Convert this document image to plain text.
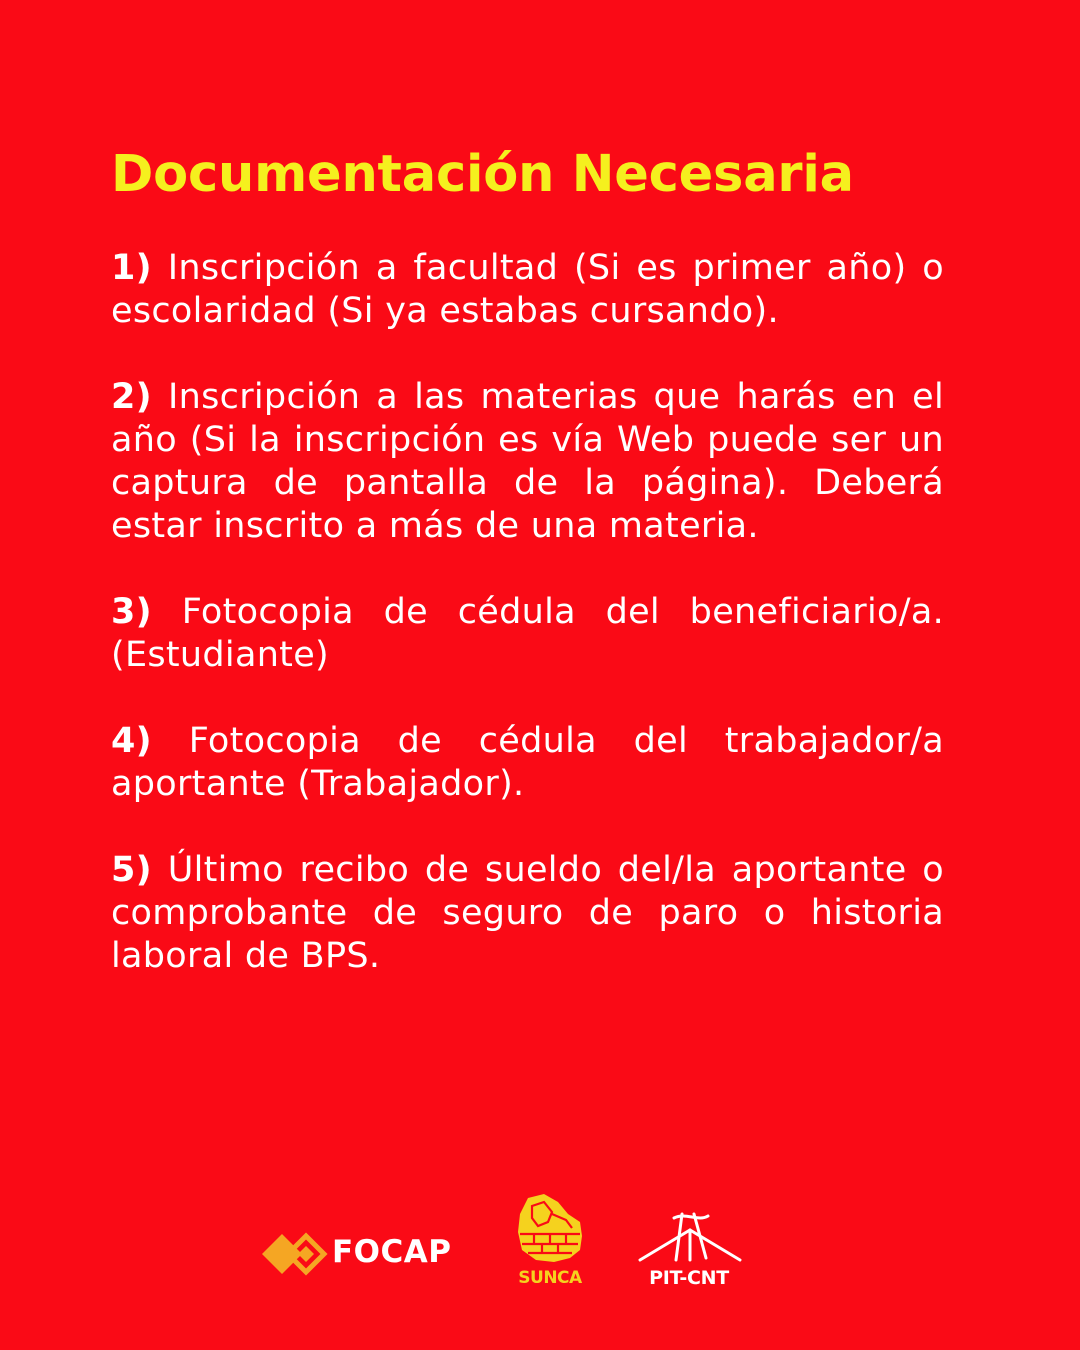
Documentación Necesaria

1) Inscripción a facultad (Si es primer año) o escolaridad (Si ya estabas cursando).

2) Inscripción a las materias que harás en el año (Si la inscripción es vía Web puede ser un captura de pantalla de la página). Deberá estar inscrito a más de una materia.

3) Fotocopia de cédula del beneficiario/a. (Estudiante)

4) Fotocopia de cédula del trabajador/a aportante (Trabajador).

5) Último recibo de sueldo del/la aportante o comprobante de seguro de paro o historia laboral de BPS.

FOCAP
SUNCA	PIT-CNT
